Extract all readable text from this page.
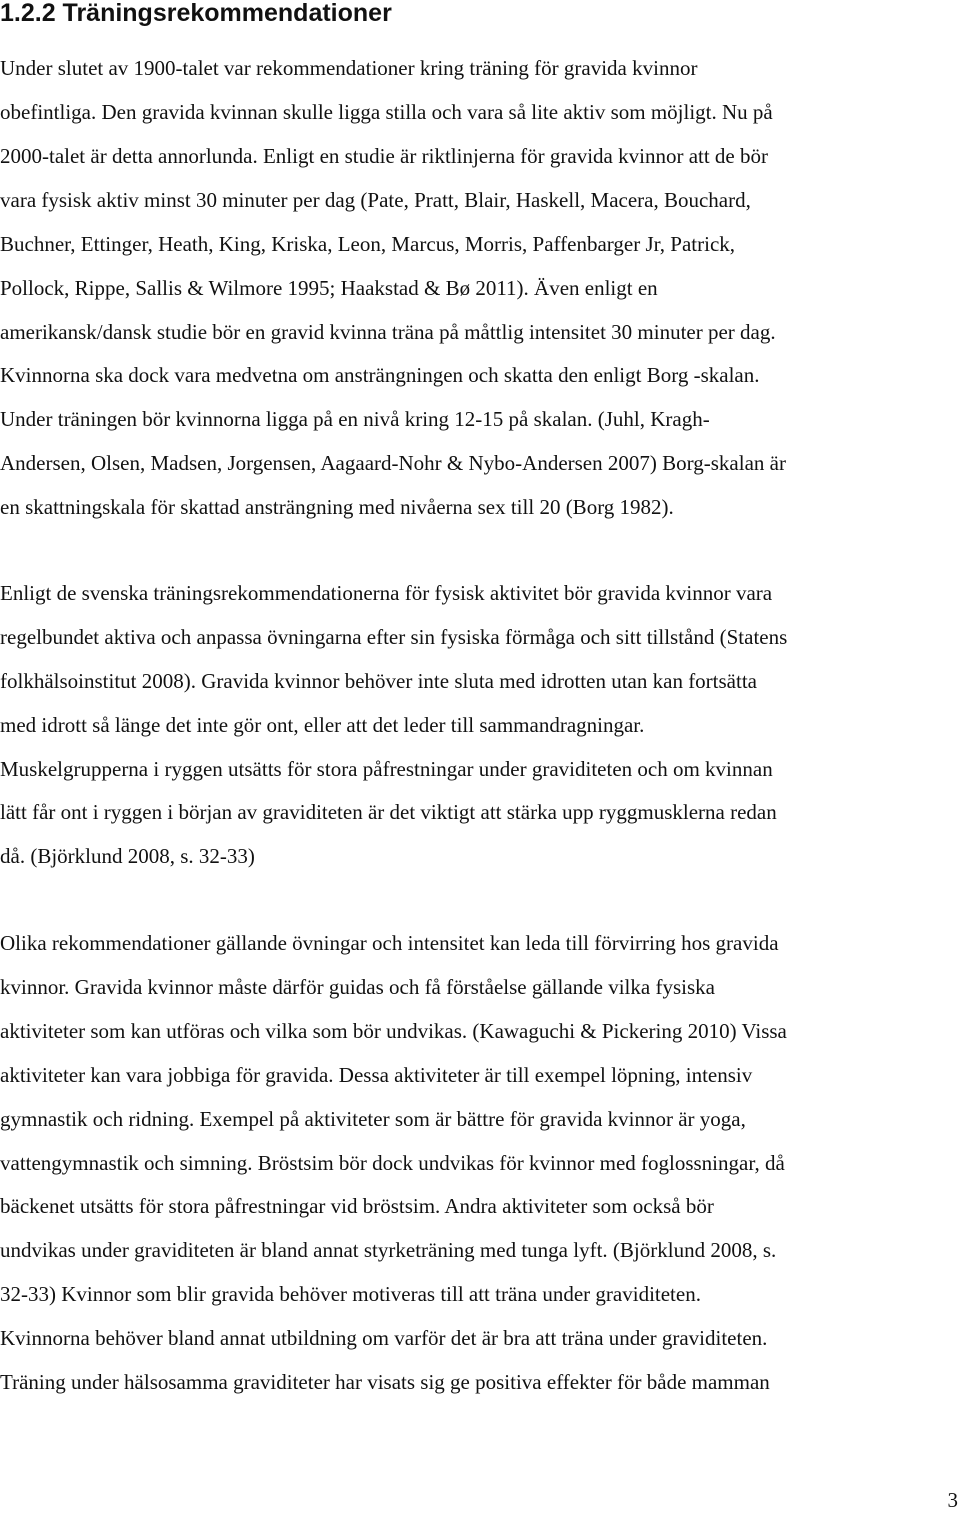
1.2.2 Träningsrekommendationer

Under slutet av 1900-talet var rekommendationer kring träning för gravida kvinnor

obefintliga. Den gravida kvinnan skulle ligga stilla och vara så lite aktiv som möjligt. Nu på

2000-talet är detta annorlunda. Enligt en studie är riktlinjerna för gravida kvinnor att de bör

vara fysisk aktiv minst 30 minuter per dag (Pate, Pratt, Blair, Haskell, Macera, Bouchard,

Buchner, Ettinger, Heath, King, Kriska, Leon, Marcus, Morris, Paffenbarger Jr, Patrick,

Pollock, Rippe, Sallis & Wilmore 1995; Haakstad & Bø 2011). Även enligt en

amerikansk/dansk studie bör en gravid kvinna träna på måttlig intensitet 30 minuter per dag.

Kvinnorna ska dock vara medvetna om ansträngningen och skatta den enligt Borg -skalan.

Under träningen bör kvinnorna ligga på en nivå kring 12-15 på skalan. (Juhl, Kragh-

Andersen, Olsen, Madsen, Jorgensen, Aagaard-Nohr & Nybo-Andersen 2007) Borg-skalan är

en skattningskala för skattad ansträngning med nivåerna sex till 20 (Borg 1982).

Enligt de svenska träningsrekommendationerna för fysisk aktivitet bör gravida kvinnor vara

regelbundet aktiva och anpassa övningarna efter sin fysiska förmåga och sitt tillstånd (Statens

folkhälsoinstitut 2008). Gravida kvinnor behöver inte sluta med idrotten utan kan fortsätta

med idrott så länge det inte gör ont, eller att det leder till sammandragningar.

Muskelgrupperna i ryggen utsätts för stora påfrestningar under graviditeten och om kvinnan

lätt får ont i ryggen i början av graviditeten är det viktigt att stärka upp ryggmusklerna redan

då. (Björklund 2008, s. 32-33)

Olika rekommendationer gällande övningar och intensitet kan leda till förvirring hos gravida

kvinnor. Gravida kvinnor måste därför guidas och få förståelse gällande vilka fysiska

aktiviteter som kan utföras och vilka som bör undvikas. (Kawaguchi & Pickering 2010) Vissa

aktiviteter kan vara jobbiga för gravida. Dessa aktiviteter är till exempel löpning, intensiv

gymnastik och ridning. Exempel på aktiviteter som är bättre för gravida kvinnor är yoga,

vattengymnastik och simning. Bröstsim bör dock undvikas för kvinnor med foglossningar, då

bäckenet utsätts för stora påfrestningar vid bröstsim. Andra aktiviteter som också bör

undvikas under graviditeten är bland annat styrketräning med tunga lyft. (Björklund 2008, s.

32-33) Kvinnor som blir gravida behöver motiveras till att träna under graviditeten.

Kvinnorna behöver bland annat utbildning om varför det är bra att träna under graviditeten.

Träning under hälsosamma graviditeter har visats sig ge positiva effekter för både mamman

3
